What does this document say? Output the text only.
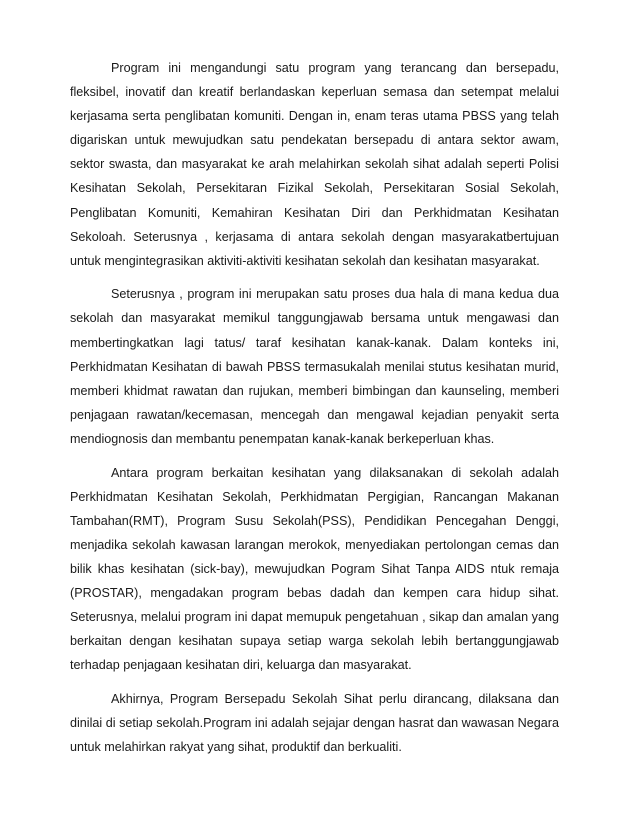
Program ini mengandungi satu program yang terancang dan bersepadu, fleksibel, inovatif dan kreatif berlandaskan keperluan semasa dan setempat melalui kerjasama serta penglibatan komuniti. Dengan in, enam teras utama PBSS yang telah digariskan untuk mewujudkan satu pendekatan bersepadu di antara sektor awam, sektor swasta, dan masyarakat ke arah melahirkan sekolah sihat adalah seperti Polisi Kesihatan Sekolah, Persekitaran Fizikal Sekolah, Persekitaran Sosial Sekolah, Penglibatan Komuniti, Kemahiran Kesihatan Diri dan Perkhidmatan Kesihatan Sekoloah. Seterusnya , kerjasama di antara sekolah dengan masyarakatbertujuan untuk mengintegrasikan aktiviti-aktiviti kesihatan sekolah dan kesihatan masyarakat.

Seterusnya , program ini merupakan satu proses dua hala di mana kedua dua sekolah dan masyarakat memikul tanggungjawab bersama untuk mengawasi dan membertingkatkan lagi tatus/ taraf kesihatan kanak-kanak. Dalam konteks ini, Perkhidmatan Kesihatan di bawah PBSS termasukalah menilai stutus kesihatan murid, memberi khidmat rawatan dan rujukan, memberi bimbingan dan kaunseling, memberi penjagaan rawatan/kecemasan, mencegah dan mengawal kejadian penyakit serta mendiognosis dan membantu penempatan kanak-kanak berkeperluan khas.

Antara program berkaitan kesihatan yang dilaksanakan di sekolah adalah Perkhidmatan Kesihatan Sekolah, Perkhidmatan Pergigian, Rancangan Makanan Tambahan(RMT), Program Susu Sekolah(PSS), Pendidikan Pencegahan Denggi, menjadika sekolah kawasan larangan merokok, menyediakan pertolongan cemas dan bilik khas kesihatan (sick-bay), mewujudkan Pogram Sihat Tanpa AIDS ntuk remaja (PROSTAR), mengadakan program bebas dadah dan kempen cara hidup sihat. Seterusnya, melalui program ini dapat memupuk pengetahuan , sikap dan amalan yang berkaitan dengan kesihatan supaya setiap warga sekolah lebih bertanggungjawab terhadap penjagaan kesihatan diri, keluarga dan masyarakat.

Akhirnya, Program Bersepadu Sekolah Sihat perlu dirancang, dilaksana dan dinilai di setiap sekolah.Program ini adalah sejajar dengan hasrat dan wawasan Negara untuk melahirkan rakyat yang sihat, produktif dan berkualiti.
